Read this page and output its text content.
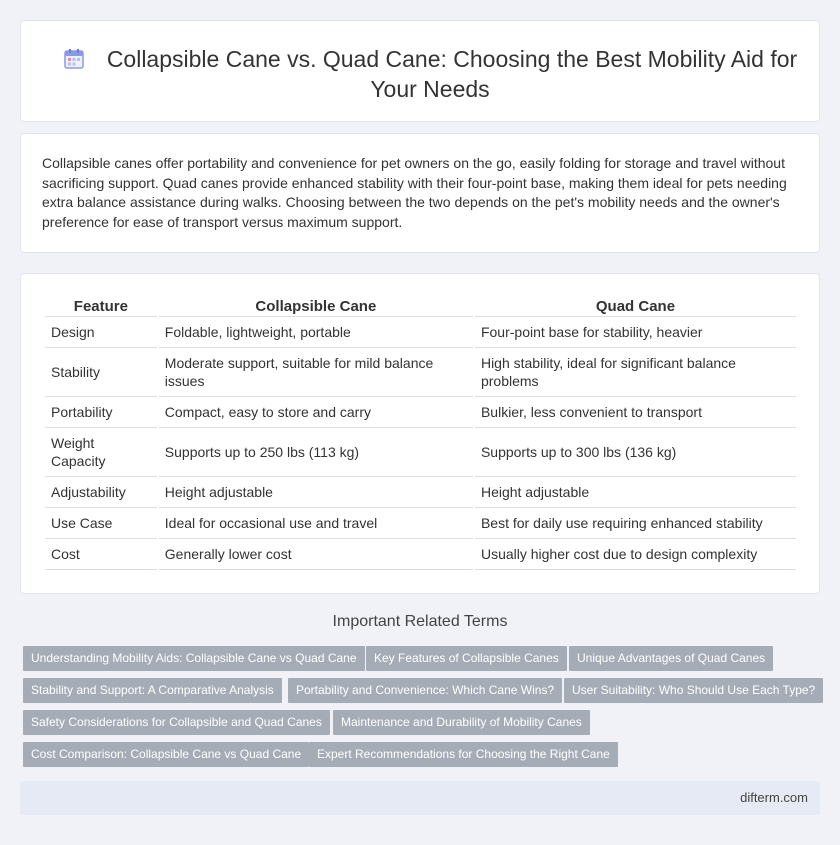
Collapsible Cane vs. Quad Cane: Choosing the Best Mobility Aid for Your Needs

Collapsible canes offer portability and convenience for pet owners on the go, easily folding for storage and travel without sacrificing support. Quad canes provide enhanced stability with their four-point base, making them ideal for pets needing extra balance assistance during walks. Choosing between the two depends on the pet's mobility needs and the owner's preference for ease of transport versus maximum support.

Feature	Collapsible Cane	Quad Cane
Design	Foldable, lightweight, portable	Four-point base for stability, heavier
Stability	Moderate support, suitable for mild balance issues	High stability, ideal for significant balance problems
Portability	Compact, easy to store and carry	Bulkier, less convenient to transport
Weight Capacity	Supports up to 250 lbs (113 kg)	Supports up to 300 lbs (136 kg)
Adjustability	Height adjustable	Height adjustable
Use Case	Ideal for occasional use and travel	Best for daily use requiring enhanced stability
Cost	Generally lower cost	Usually higher cost due to design complexity
Important Related Terms
Understanding Mobility Aids: Collapsible Cane vs Quad Cane	Key Features of Collapsible Canes	Unique Advantages of Quad Canes
Stability and Support: A Comparative Analysis	Portability and Convenience: Which Cane Wins?	User Suitability: Who Should Use Each Type?
Safety Considerations for Collapsible and Quad Canes	Maintenance and Durability of Mobility Canes
Cost Comparison: Collapsible Cane vs Quad Cane	Expert Recommendations for Choosing the Right Cane
difterm.com
